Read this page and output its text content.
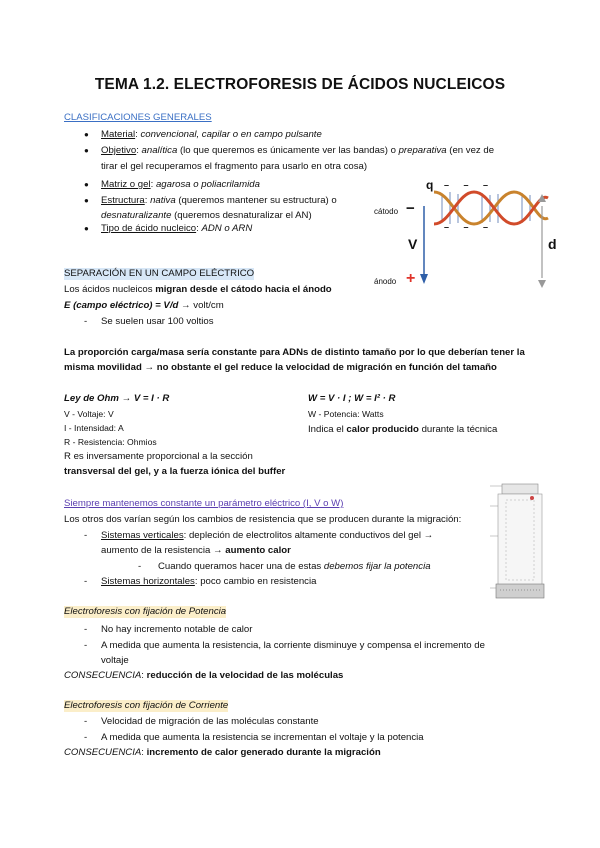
TEMA 1.2. ELECTROFORESIS DE ÁCIDOS NUCLEICOS
CLASIFICACIONES GENERALES
● Material: convencional, capilar o en campo pulsante
● Objetivo: analítica (lo que queremos es únicamente ver las bandas) o preparativa (en vez de
tirar el gel recuperamos el fragmento para usarlo en otra cosa)
● Matriz o gel: agarosa o poliacrilamida
● Estructura: nativa (queremos mantener su estructura) o
desnaturalizante (queremos desnaturalizar el AN)
● Tipo de ácido nucleico: ADN o ARN
q – – –
– – –
cátodo −
V	d
ánodo +
SEPARACIÓN EN UN CAMPO ELÉCTRICO
Los ácidos nucleicos migran desde el cátodo hacia el ánodo
E (campo eléctrico) = V/d → volt/cm
- Se suelen usar 100 voltios
La proporción carga/masa sería constante para ADNs de distinto tamaño por lo que deberían tener la
misma movilidad → no obstante el gel reduce la velocidad de migración en función del tamaño
Ley de Ohm → V = I · R
V - Voltaje: V
I - Intensidad: A
R - Resistencia: Ohmios
R es inversamente proporcional a la sección
transversal del gel, y a la fuerza iónica del buffer
W = V · I ; W = I² · R
W - Potencia: Watts
Indica el calor producido durante la técnica
Siempre mantenemos constante un parámetro eléctrico (I, V o W)
Los otros dos varían según los cambios de resistencia que se producen durante la migración:
- Sistemas verticales: depleción de electrolitos altamente conductivos del gel →
aumento de la resistencia → aumento calor
- Cuando queramos hacer una de estas debemos fijar la potencia
- Sistemas horizontales: poco cambio en resistencia
Electroforesis con fijación de Potencia
- No hay incremento notable de calor
- A medida que aumenta la resistencia, la corriente disminuye y compensa el incremento de
voltaje
CONSECUENCIA: reducción de la velocidad de las moléculas
Electroforesis con fijación de Corriente
- Velocidad de migración de las moléculas constante
- A medida que aumenta la resistencia se incrementan el voltaje y la potencia
CONSECUENCIA: incremento de calor generado durante la migración
